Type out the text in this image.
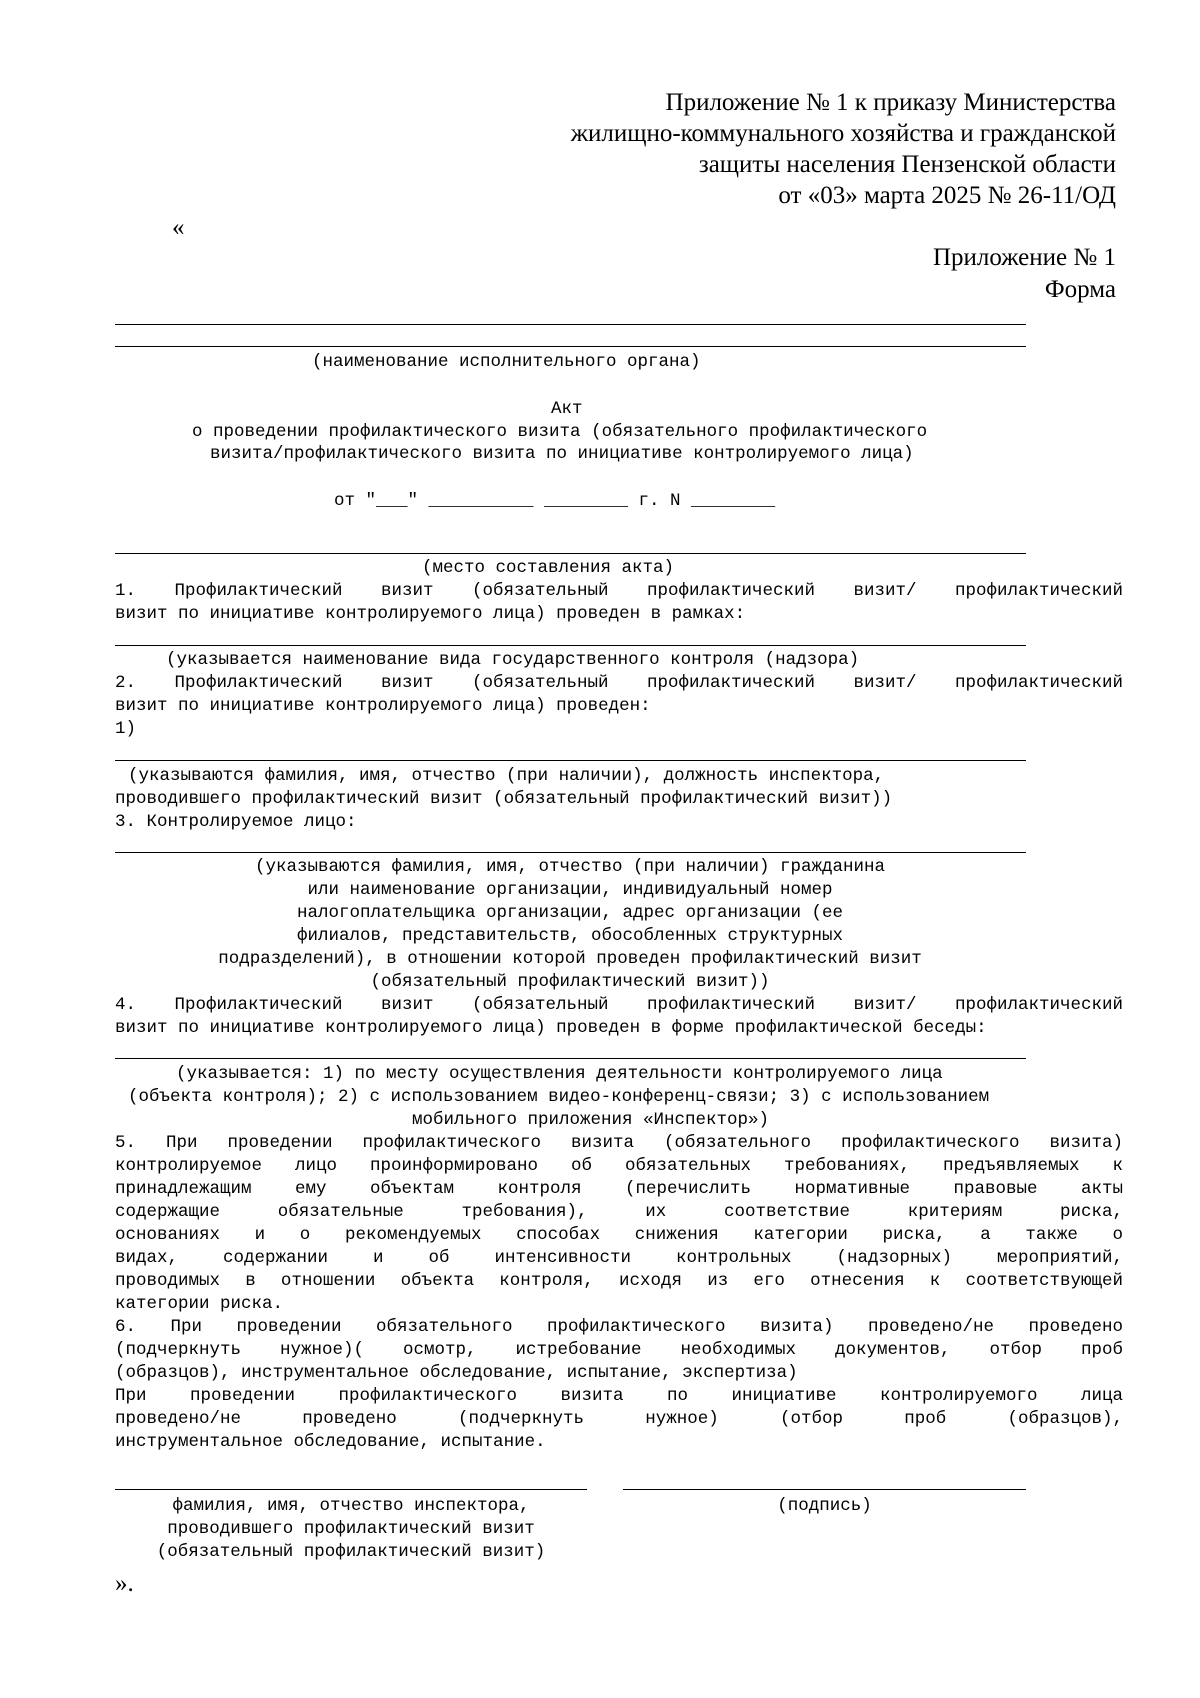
Приложение № 1 к приказу Министерства
жилищно-коммунального хозяйства и гражданской
защиты населения Пензенской области
от «03» марта 2025 № 26-11/ОД
«
Приложение № 1
Форма
(наименование исполнительного органа)
Акт
о проведении профилактического визита (обязательного профилактического
визита/профилактического визита по инициативе контролируемого лица)
от "___" __________ ________ г. N ________
(место составления акта)
1. Профилактический визит (обязательный профилактический визит/ профилактический
визит по инициативе контролируемого лица) проведен в рамках:
(указывается наименование вида государственного контроля (надзора)
2. Профилактический визит (обязательный профилактический визит/ профилактический
визит по инициативе контролируемого лица) проведен:
1)
(указываются фамилия, имя, отчество (при наличии), должность инспектора,
проводившего профилактический визит (обязательный профилактический визит))
3. Контролируемое лицо:
(указываются фамилия, имя, отчество (при наличии) гражданина
или наименование организации, индивидуальный номер
налогоплательщика организации, адрес организации (ее
филиалов, представительств, обособленных структурных
подразделений), в отношении которой проведен профилактический визит
(обязательный профилактический визит))
4. Профилактический визит (обязательный профилактический визит/ профилактический
визит по инициативе контролируемого лица) проведен в форме профилактической беседы:
(указывается: 1) по месту осуществления деятельности контролируемого лица
(объекта контроля); 2) с использованием видео-конференц-связи; 3) с использованием
мобильного приложения «Инспектор»)
5. При проведении профилактического визита (обязательного профилактического визита)
контролируемое лицо проинформировано об обязательных требованиях, предъявляемых к
принадлежащим ему объектам контроля (перечислить нормативные правовые акты
содержащие обязательные требования), их соответствие критериям риска,
основаниях и о рекомендуемых способах снижения категории риска, а также о
видах, содержании и об интенсивности контрольных (надзорных) мероприятий,
проводимых в отношении объекта контроля, исходя из его отнесения к соответствующей
категории риска.
6. При проведении обязательного профилактического визита) проведено/не проведено
(подчеркнуть нужное)( осмотр, истребование необходимых документов, отбор проб
(образцов), инструментальное обследование, испытание, экспертиза)
При проведении профилактического визита по инициативе контролируемого лица
проведено/не проведено (подчеркнуть нужное) (отбор проб (образцов),
инструментальное обследование, испытание.
фамилия, имя, отчество инспектора,
проводившего профилактический визит
(обязательный профилактический визит)
(подпись)
».
